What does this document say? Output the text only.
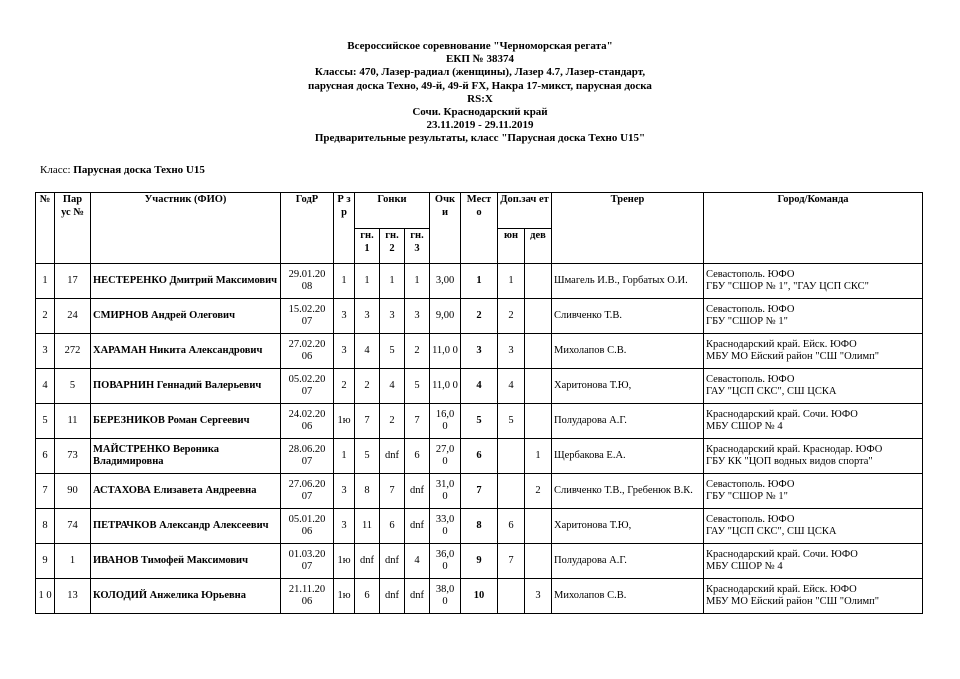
Всероссийское соревнование "Черноморская регата"
ЕКП № 38374
Классы: 470, Лазер-радиал (женщины), Лазер 4.7, Лазер-стандарт,
парусная доска Техно, 49-й, 49-й FX, Накра 17-микст, парусная доска
RS:X
Сочи. Краснодарский край
23.11.2019 - 29.11.2019
Предварительные результаты, класс "Парусная доска Техно U15"
Класс: Парусная доска Техно U15
№	Пар ус №	Участник (ФИО)	ГодР	Р з р	Гонки			Очк и	Мест о	Доп.зач ет		Тренер	Город/Команда
					гн. 1	гн. 2	гн. 3			юн	дев		
1	17	НЕСТЕРЕНКО Дмитрий Максимович	29.01.20 08	1	1	1	1	3,00	1	1		Шмагель И.В., Горбатых О.И.	Севастополь. ЮФО
ГБУ "СШОР № 1", "ГАУ ЦСП СКС"

2	24	СМИРНОВ Андрей Олегович	15.02.20 07	3	3	3	3	9,00	2	2		Сливченко Т.В.	Севастополь. ЮФО
ГБУ "СШОР № 1"

3	272	ХАРАМАН Никита Александрович	27.02.20 06	3	4	5	2	11,0 0	3	3		Михолапов С.В.	Краснодарский край. Ейск. ЮФО
МБУ МО Ейский район "СШ "Олимп"

4	5	ПОВАРНИН Геннадий Валерьевич	05.02.20 07	2	2	4	5	11,0 0	4	4		Харитонова Т.Ю,	Севастополь. ЮФО
ГАУ "ЦСП СКС", СШ ЦСКА

5	11	БЕРЕЗНИКОВ Роман Сергеевич	24.02.20 06	1ю	7	2	7	16,0 0	5	5		Полударова А.Г.	Краснодарский край. Сочи. ЮФО
МБУ СШОР № 4

6	73	МАЙСТРЕНКО Вероника Владимировна	28.06.20 07	1	5	dnf	6	27,0 0	6		1	Щербакова Е.А.	Краснодарский край. Краснодар. ЮФО
ГБУ КК "ЦОП водных видов спорта"

7	90	АСТАХОВА Елизавета Андреевна	27.06.20 07	3	8	7	dnf	31,0 0	7		2	Сливченко Т.В., Гребенюк В.К.	Севастополь. ЮФО
ГБУ "СШОР № 1"

8	74	ПЕТРАЧКОВ Александр Алексеевич	05.01.20 06	3	11	6	dnf	33,0 0	8	6		Харитонова Т.Ю,	Севастополь. ЮФО
ГАУ "ЦСП СКС", СШ ЦСКА

9	1	ИВАНОВ Тимофей Максимович	01.03.20 07	1ю	dnf	dnf	4	36,0 0	9	7		Полударова А.Г.	Краснодарский край. Сочи. ЮФО
МБУ СШОР № 4

1 0	13	КОЛОДИЙ Анжелика Юрьевна	21.11.20 06	1ю	6	dnf	dnf	38,0 0	10		3	Михолапов С.В.	Краснодарский край. Ейск. ЮФО
МБУ МО Ейский район "СШ "Олимп"
